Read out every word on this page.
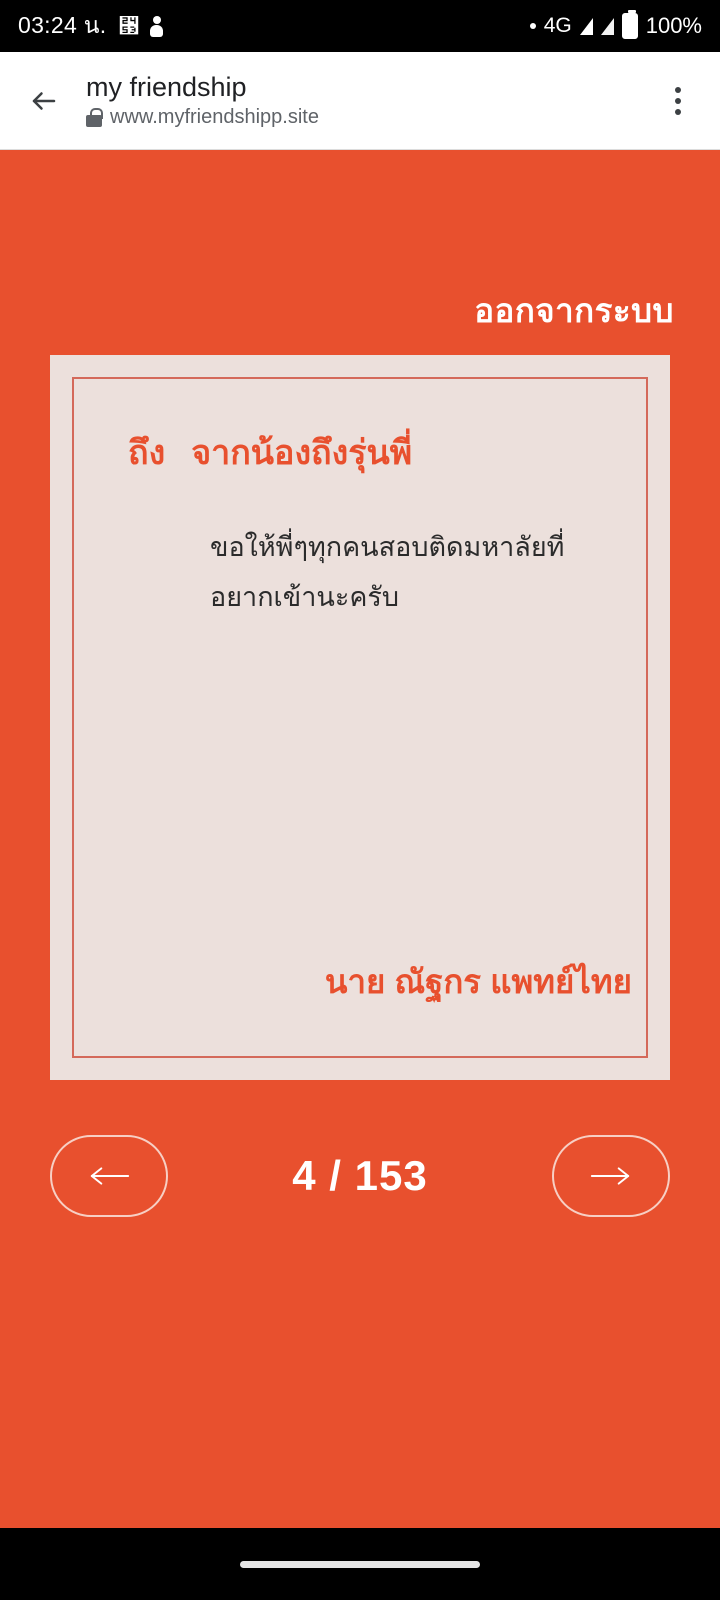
03:24 น. ⑓	4G	100%
my friendship
www.myfriendshipp.site
ออกจากระบบ
ถึง จากน้องถึงรุ่นพี่
ขอให้พี่ๆทุกคนสอบติดมหาลัยที่อยากเข้านะครับ
นาย ณัฐกร แพทย์ไทย
4 / 153
